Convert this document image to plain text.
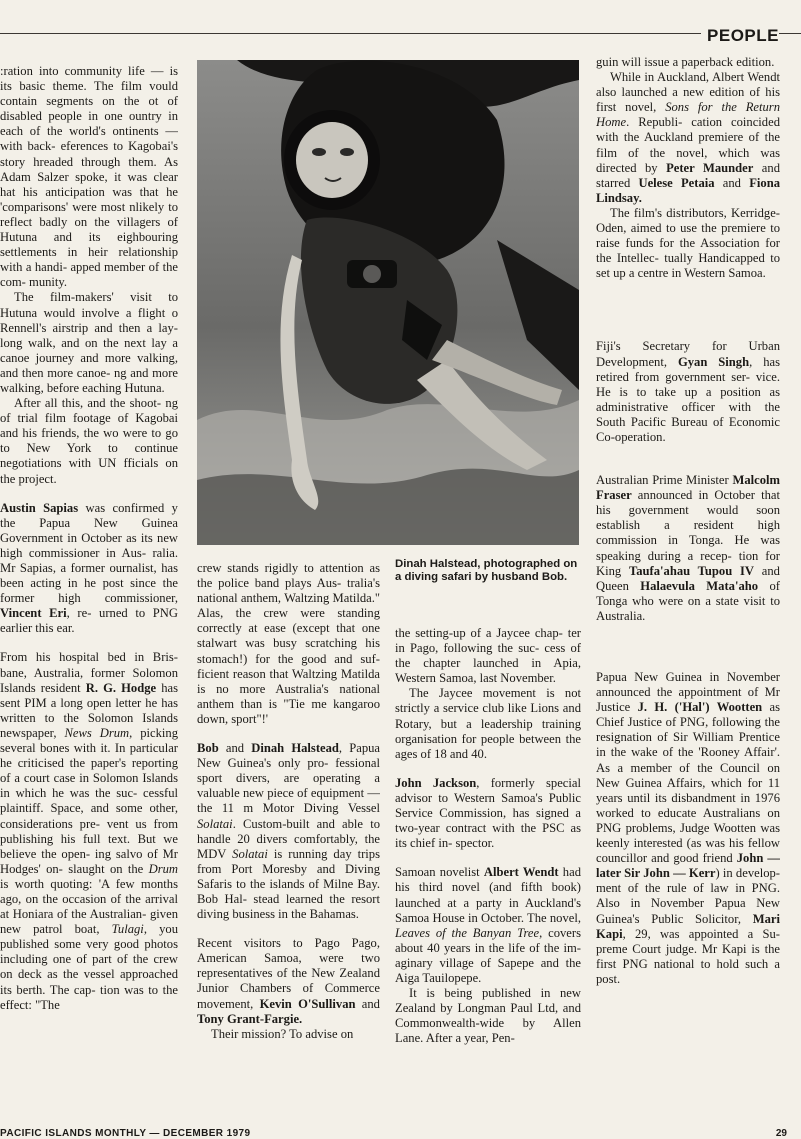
PEOPLE

:ration into community life — is its basic theme. The film vould contain segments on the ot of disabled people in one ountry in each of the world's ontinents — with back- eferences to Kagobai's story hreaded through them. As Adam Salzer spoke, it was clear hat his anticipation was that he 'comparisons' were most nlikely to reflect badly on the villagers of Hutuna and its eighbouring settlements in heir relationship with a handi- apped member of the com- munity.

The film-makers' visit to Hutuna would involve a flight o Rennell's airstrip and then a lay-long walk, and on the next lay a canoe journey and more valking, and then more canoe- ng and more walking, before eaching Hutuna.

After all this, and the shoot- ng of trial film footage of Kagobai and his friends, the wo were to go to New York to continue negotiations with UN fficials on the project.

Austin Sapias was confirmed y the Papua New Guinea Government in October as its new high commissioner in Aus- ralia. Mr Sapias, a former ournalist, has been acting in he post since the former high commissioner, Vincent Eri, re- urned to PNG earlier this ear.

From his hospital bed in Bris- bane, Australia, former Solomon Islands resident R. G. Hodge has sent PIM a long open letter he has written to the Solomon Islands newspaper, News Drum, picking several bones with it. In particular he criticised the paper's reporting of a court case in Solomon Islands in which he was the suc- cessful plaintiff. Space, and some other, considerations pre- vent us from publishing his full text. But we believe the open- ing salvo of Mr Hodges' on- slaught on the Drum is worth quoting: 'A few months ago, on the occasion of the arrival at Honiara of the Australian- given new patrol boat, Tulagi, you published some very good photos including one of part of the crew on deck as the vessel approached its berth. The cap- tion was to the effect: "The

crew stands rigidly to attention as the police band plays Aus- tralia's national anthem, Waltzing Matilda." Alas, the crew were standing correctly at ease (except that one stalwart was busy scratching his stomach!) for the good and suf- ficient reason that Waltzing Matilda is no more Australia's national anthem than is "Tie me kangaroo down, sport"!'

Bob and Dinah Halstead, Papua New Guinea's only pro- fessional sport divers, are operating a valuable new piece of equipment — the 11 m Motor Diving Vessel Solatai. Custom-built and able to handle 20 divers comfortably, the MDV Solatai is running day trips from Port Moresby and Diving Safaris to the islands of Milne Bay. Bob Hal- stead learned the resort diving business in the Bahamas.

Recent visitors to Pago Pago, American Samoa, were two representatives of the New Zealand Junior Chambers of Commerce movement, Kevin O'Sullivan and Tony Grant-Fargie.

Their mission? To advise on

Dinah Halstead, photographed on a diving safari by husband Bob.

the setting-up of a Jaycee chap- ter in Pago, following the suc- cess of the chapter launched in Apia, Western Samoa, last November.

The Jaycee movement is not strictly a service club like Lions and Rotary, but a leadership training organisation for people between the ages of 18 and 40.

John Jackson, formerly special advisor to Western Samoa's Public Service Commission, has signed a two-year contract with the PSC as its chief in- spector.

Samoan novelist Albert Wendt had his third novel (and fifth book) launched at a party in Auckland's Samoa House in October. The novel, Leaves of the Banyan Tree, covers about 40 years in the life of the im- aginary village of Sapepe and the Aiga Tauilopepe.

It is being published in new Zealand by Longman Paul Ltd, and Commonwealth-wide by Allen Lane. After a year, Pen-

guin will issue a paperback edition.

While in Auckland, Albert Wendt also launched a new edition of his first novel, Sons for the Return Home. Republi- cation coincided with the Auckland premiere of the film of the novel, which was directed by Peter Maunder and starred Uelese Petaia and Fiona Lindsay.

The film's distributors, Kerridge-Oden, aimed to use the premiere to raise funds for the Association for the Intellec- tually Handicapped to set up a centre in Western Samoa.

Fiji's Secretary for Urban Development, Gyan Singh, has retired from government ser- vice. He is to take up a position as administrative officer with the South Pacific Bureau of Economic Co-operation.

Australian Prime Minister Malcolm Fraser announced in October that his government would soon establish a resident high commission in Tonga. He was speaking during a recep- tion for King Taufa'ahau Tupou IV and Queen Halaevula Mata'aho of Tonga who were on a state visit to Australia.

Papua New Guinea in November announced the appointment of Mr Justice J. H. ('Hal') Wootten as Chief Justice of PNG, following the resignation of Sir William Prentice in the wake of the 'Rooney Affair'. As a member of the Council on New Guinea Affairs, which for 11 years until its disbandment in 1976 worked to educate Australians on PNG problems, Judge Wootten was keenly interested (as was his fellow councillor and good friend John — later Sir John — Kerr) in develop- ment of the rule of law in PNG. Also in November Papua New Guinea's Public Solicitor, Mari Kapi, 29, was appointed a Su- preme Court judge. Mr Kapi is the first PNG national to hold such a post.

PACIFIC ISLANDS MONTHLY — DECEMBER 1979	29
